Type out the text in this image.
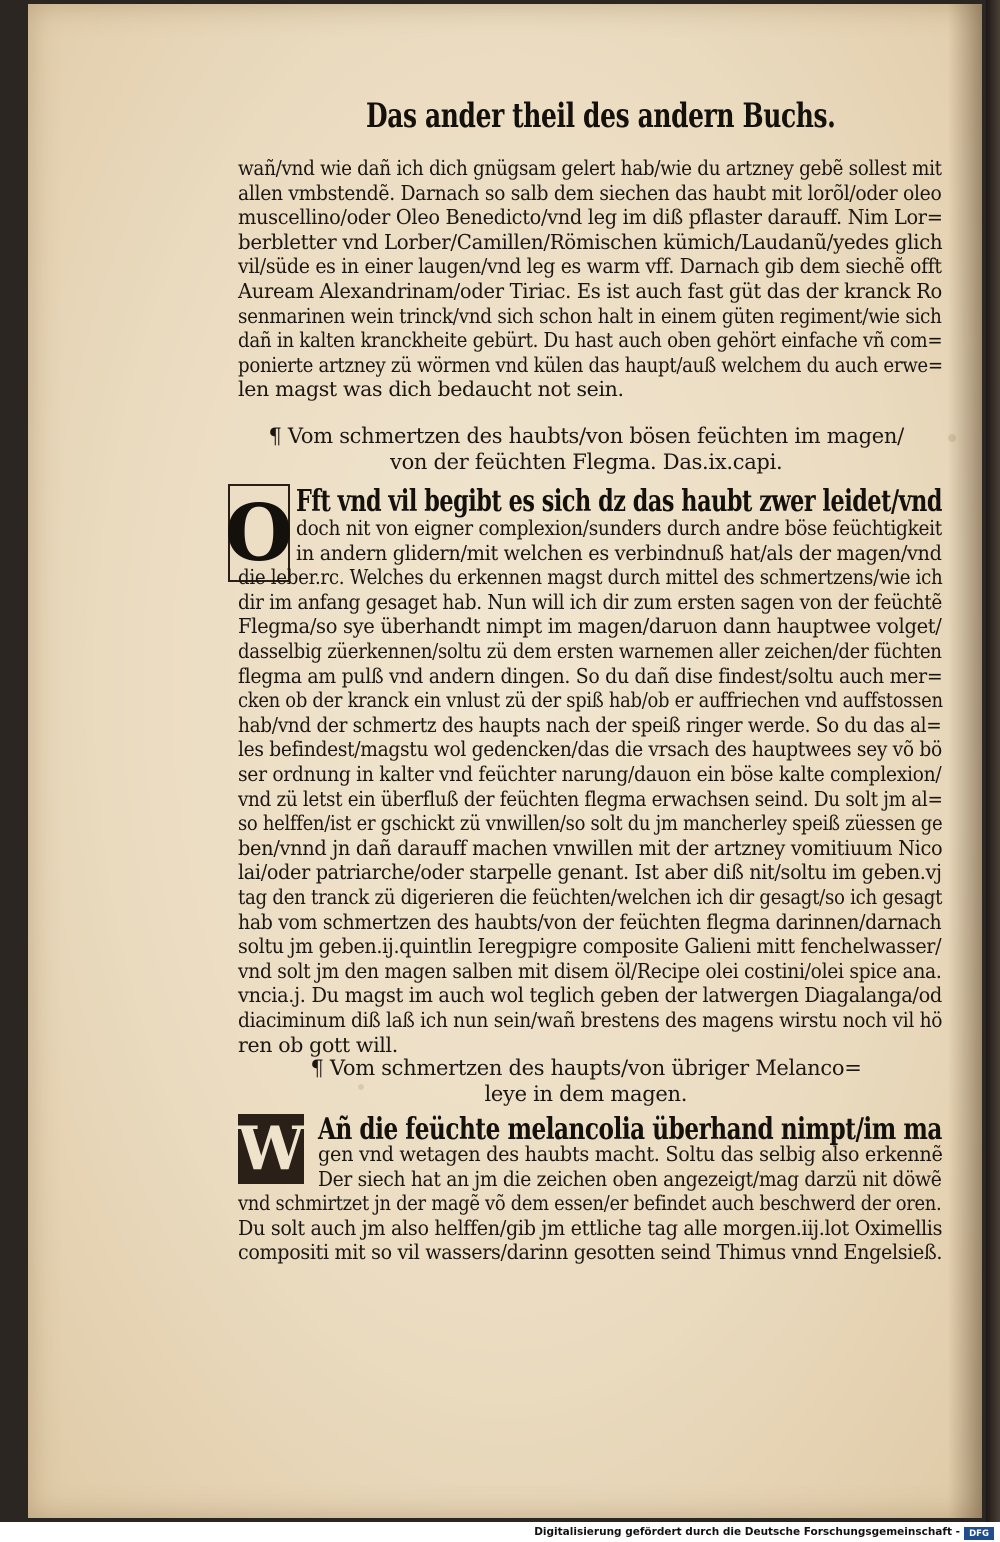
Das ander theil des andern Buchs.
wañ/vnd wie dañ ich dich gnügsam gelert hab/wie du artzney gebẽ sollest mit
allen vmbstendẽ. Darnach so salb dem siechen das haubt mit lorõl/oder oleo
muscellino/oder Oleo Benedicto/vnd leg im diß pflaster darauff. Nim Lor=
berbletter vnd Lorber/Camillen/Römischen kümich/Laudanũ/yedes glich
vil/süde es in einer laugen/vnd leg es warm vff. Darnach gib dem siechẽ offt
Auream Alexandrinam/oder Tiriac. Es ist auch fast güt das der kranck Ro
senmarinen wein trinck/vnd sich schon halt in einem güten regiment/wie sich
dañ in kalten kranckheite gebürt. Du hast auch oben gehört einfache vñ com=
ponierte artzney zü wörmen vnd külen das haupt/auß welchem du auch erwe=
len magst was dich bedaucht not sein.
¶ Vom schmertzen des haubts/von bösen feüchten im magen/
von der feüchten Flegma. Das.ix.capi.
O Fft vnd vil begibt es sich dz das haubt zwer leidet/vnd
doch nit von eigner complexion/sunders durch andre böse feüchtigkeit
in andern glidern/mit welchen es verbindnuß hat/als der magen/vnd
die leber.rc. Welches du erkennen magst durch mittel des schmertzens/wie ich
dir im anfang gesaget hab. Nun will ich dir zum ersten sagen von der feüchtẽ
Flegma/so sye überhandt nimpt im magen/daruon dann hauptwee volget/
dasselbig züerkennen/soltu zü dem ersten warnemen aller zeichen/der füchten
flegma am pulß vnd andern dingen. So du dañ dise findest/soltu auch mer=
cken ob der kranck ein vnlust zü der spiß hab/ob er auffriechen vnd auffstossen
hab/vnd der schmertz des haupts nach der speiß ringer werde. So du das al=
les befindest/magstu wol gedencken/das die vrsach des hauptwees sey võ bö
ser ordnung in kalter vnd feüchter narung/dauon ein böse kalte complexion/
vnd zü letst ein überfluß der feüchten flegma erwachsen seind. Du solt jm al=
so helffen/ist er gschickt zü vnwillen/so solt du jm mancherley speiß züessen ge
ben/vnnd jn dañ darauff machen vnwillen mit der artzney vomitiuum Nico
lai/oder patriarche/oder starpelle genant. Ist aber diß nit/soltu im geben.vj
tag den tranck zü digerieren die feüchten/welchen ich dir gesagt/so ich gesagt
hab vom schmertzen des haubts/von der feüchten flegma darinnen/darnach
soltu jm geben.ij.quintlin Ieregpigre composite Galieni mitt fenchelwasser/
vnd solt jm den magen salben mit disem öl/Recipe olei costini/olei spice ana.
vncia.j. Du magst im auch wol teglich geben der latwergen Diagalanga/od
diaciminum diß laß ich nun sein/wañ brestens des magens wirstu noch vil hö
ren ob gott will.
¶ Vom schmertzen des haupts/von übriger Melanco=
leye in dem magen.
W Añ die feüchte melancolia überhand nimpt/im ma
gen vnd wetagen des haubts macht. Soltu das selbig also erkennẽ
Der siech hat an jm die zeichen oben angezeigt/mag darzü nit döwẽ
vnd schmirtzet jn der magẽ võ dem essen/er befindet auch beschwerd der oren.
Du solt auch jm also helffen/gib jm ettliche tag alle morgen.iij.lot Oximellis
compositi mit so vil wassers/darinn gesotten seind Thimus vnnd Engelsieß.
Digitalisierung gefördert durch die Deutsche Forschungsgemeinschaft -	DFG
